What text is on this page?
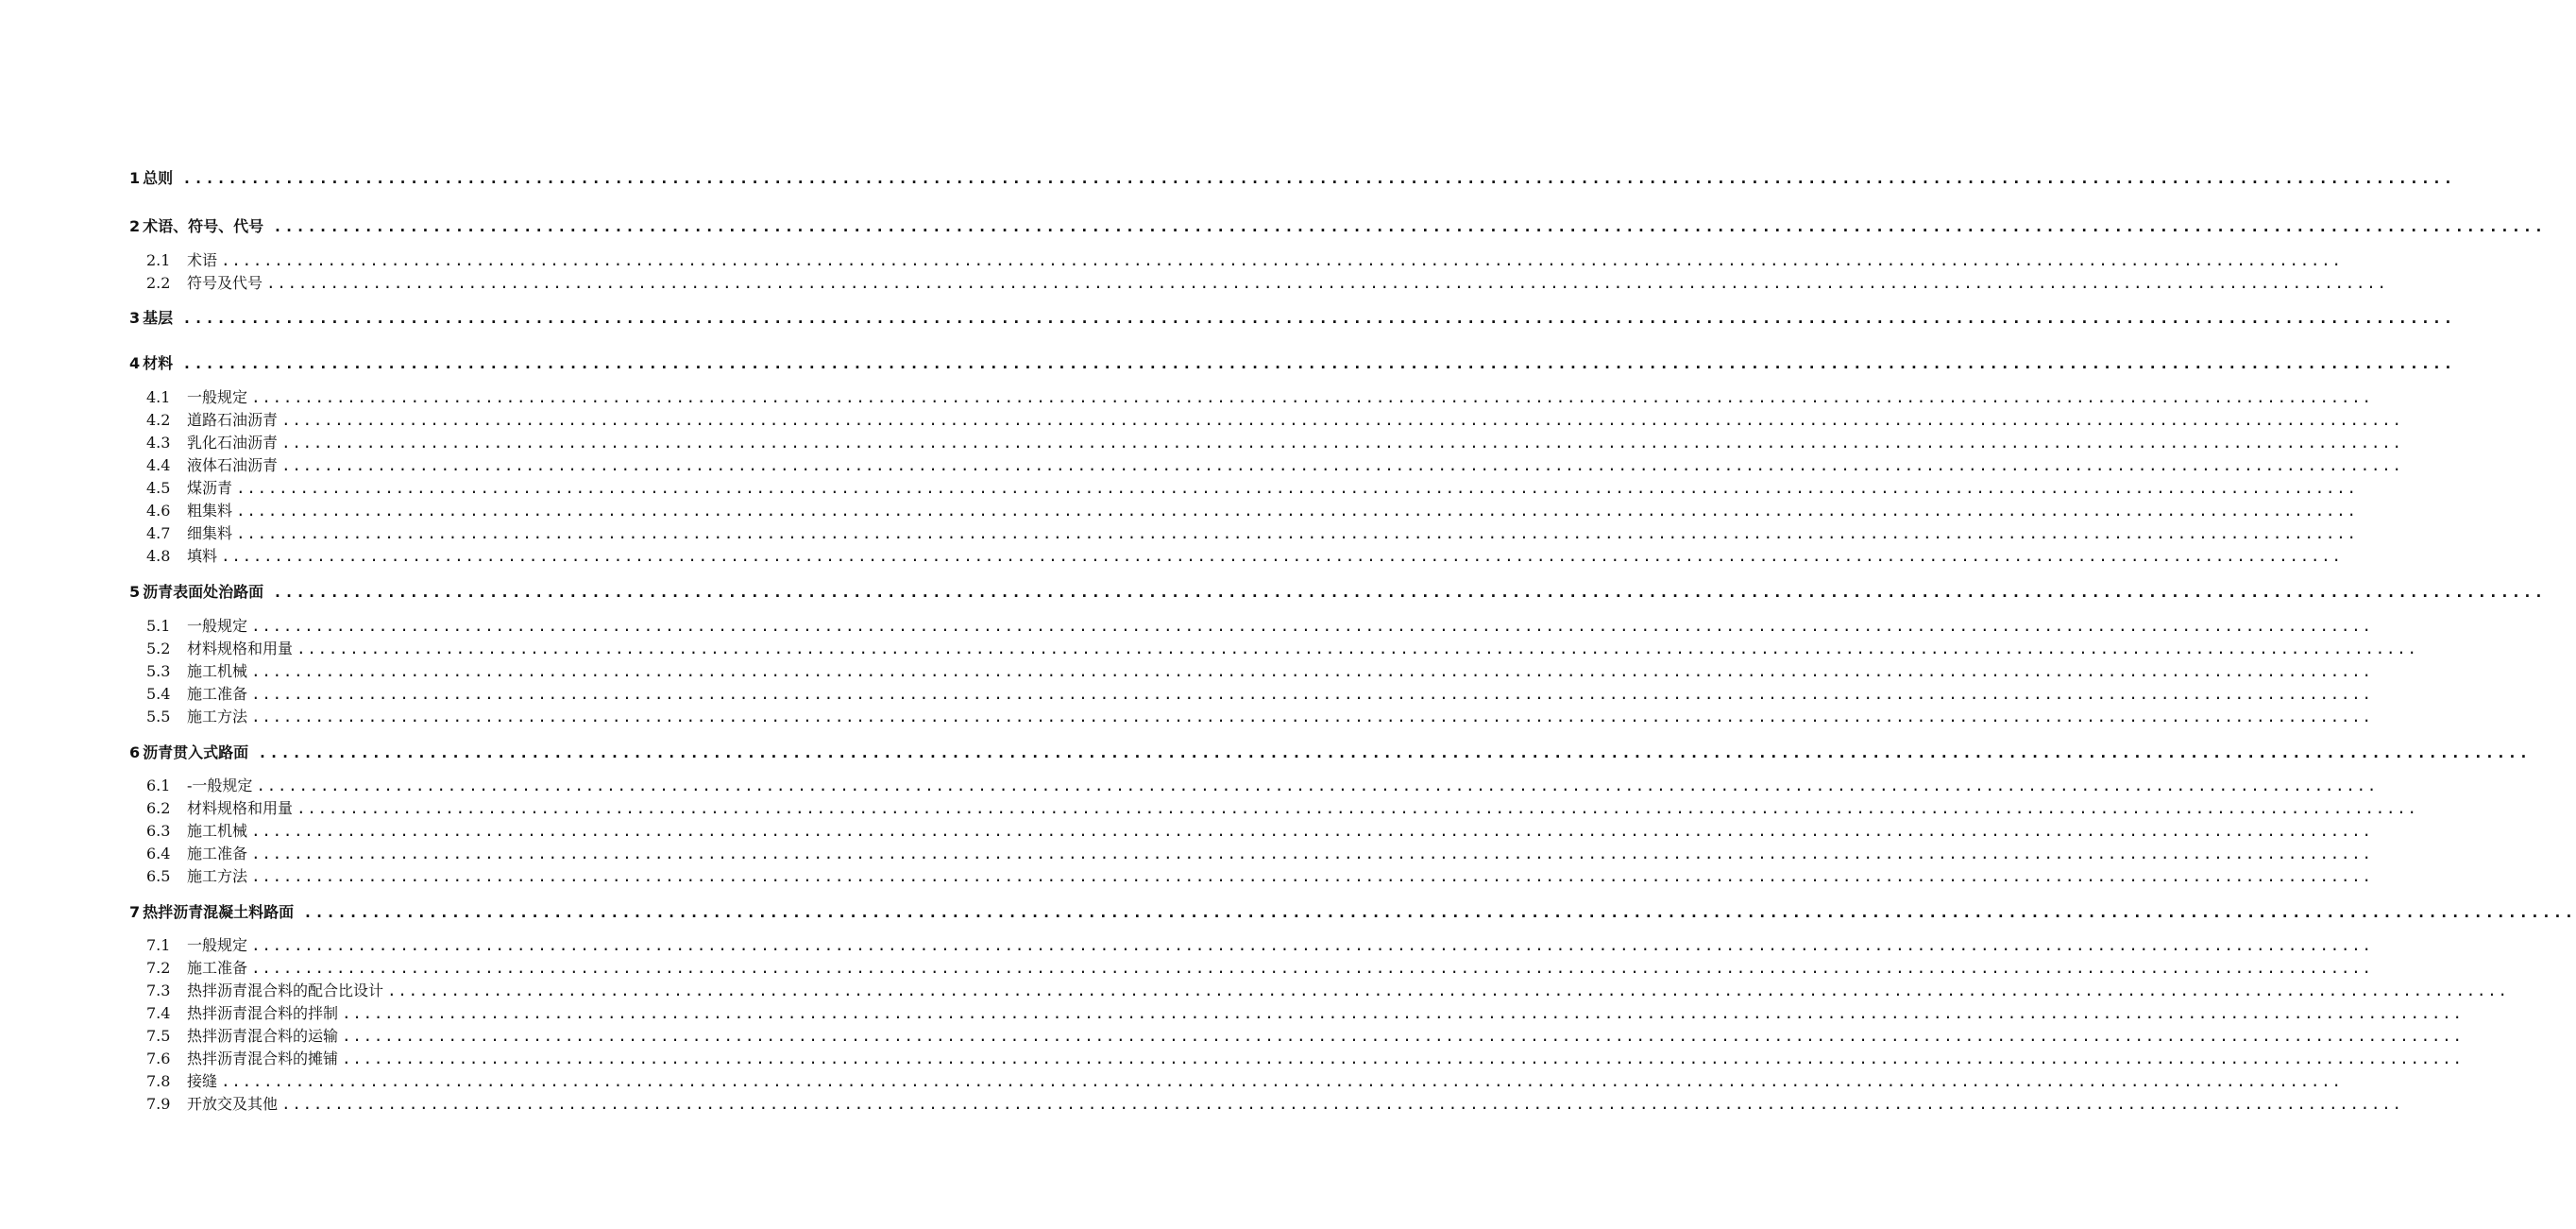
1 总则 ........................................................................................................................................................................................................
2 术语、符号、代号 ........................................................................................................................................................................................................
2.1	术语 ........................................................................................................................................................................................................
2.2	符号及代号 ........................................................................................................................................................................................................
3 基层 ........................................................................................................................................................................................................
4 材料 ........................................................................................................................................................................................................
4.1	一般规定 ........................................................................................................................................................................................................
4.2	道路石油沥青 ........................................................................................................................................................................................................
4.3	乳化石油沥青 ........................................................................................................................................................................................................
4.4	液体石油沥青 ........................................................................................................................................................................................................
4.5	煤沥青 ........................................................................................................................................................................................................
4.6	粗集料 ........................................................................................................................................................................................................
4.7	细集料 ........................................................................................................................................................................................................
4.8	填料 ........................................................................................................................................................................................................
5 沥青表面处治路面 ........................................................................................................................................................................................................
5.1	一般规定 ........................................................................................................................................................................................................
5.2	材料规格和用量 ........................................................................................................................................................................................................
5.3	施工机械 ........................................................................................................................................................................................................
5.4	施工准备 ........................................................................................................................................................................................................
5.5	施工方法 ........................................................................................................................................................................................................
6 沥青贯入式路面 ........................................................................................................................................................................................................
6.1	-一般规定 ........................................................................................................................................................................................................
6.2	材料规格和用量 ........................................................................................................................................................................................................
6.3	施工机械 ........................................................................................................................................................................................................
6.4	施工准备 ........................................................................................................................................................................................................
6.5	施工方法 ........................................................................................................................................................................................................
7 热拌沥青混凝土料路面 ........................................................................................................................................................................................................
7.1	一般规定 ........................................................................................................................................................................................................
7.2	施工准备 ........................................................................................................................................................................................................
7.3	热拌沥青混合料的配合比设计 ........................................................................................................................................................................................................
7.4	热拌沥青混合料的拌制 ........................................................................................................................................................................................................
7.5	热拌沥青混合料的运输 ........................................................................................................................................................................................................
7.6	热拌沥青混合料的摊铺 ........................................................................................................................................................................................................
7.8	接缝 ........................................................................................................................................................................................................
7.9	开放交及其他 ........................................................................................................................................................................................................
